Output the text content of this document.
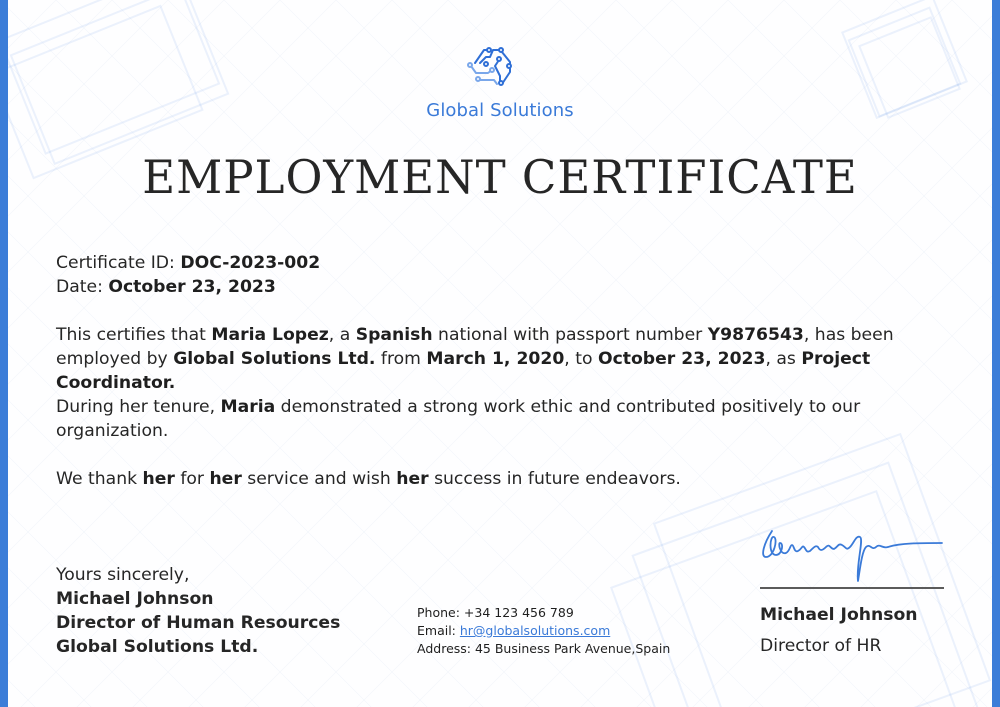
Global Solutions
EMPLOYMENT CERTIFICATE
Certificate ID: DOC-2023-002
Date: October 23, 2023
This certifies that Maria Lopez, a Spanish national with passport number Y9876543, has been employed by Global Solutions Ltd. from March 1, 2020, to October 23, 2023, as Project Coordinator.
During her tenure, Maria demonstrated a strong work ethic and contributed positively to our organization.
We thank her for her service and wish her success in future endeavors.
Yours sincerely,
Michael Johnson
Director of Human Resources
Global Solutions Ltd.
Phone: +34 123 456 789
Email: hr@globalsolutions.com
Address: 45 Business Park Avenue,Spain
Michael Johnson
Director of HR
